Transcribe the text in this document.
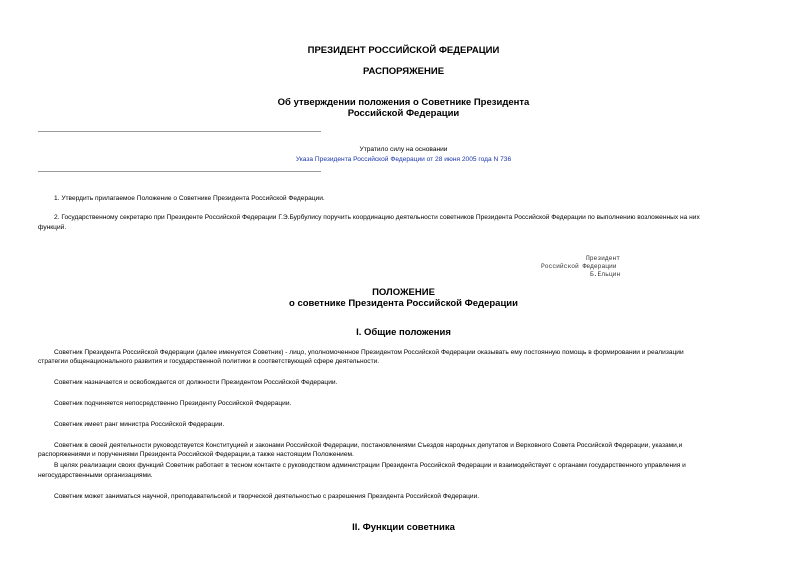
ПРЕЗИДЕНТ РОССИЙСКОЙ ФЕДЕРАЦИИ
РАСПОРЯЖЕНИЕ
Об утверждении положения о Советнике Президента
Российской Федерации
Утратило силу на основании
Указа Президента Российской Федерации от 28 июня 2005 года N 736

1. Утвердить прилагаемое Положение о Советнике Президента Российской Федерации.

2. Государственному секретарю при Президенте Российской Федерации Г.Э.Бурбулису поручить координацию деятельности советников Президента Российской Федерации по выполнению возложенных на них

функций.

Президент
Российской Федерации
Б.Ельцин
ПОЛОЖЕНИЕ
о советнике Президента Российской Федерации
I. Общие положения

Советник Президента Российской Федерации (далее именуется Советник) - лицо, уполномоченное Президентом Российской Федерации оказывать ему постоянную помощь в формировании и реализации

стратегии общенационального развития и государственной политики в соответствующей сфере деятельности.

Советник назначается и освобождается от должности Президентом Российской Федерации.

Советник подчиняется непосредственно Президенту Российской Федерации.

Советник имеет ранг министра Российской Федерации.

Советник в своей деятельности руководствуется Конституцией и законами Российской Федерации, постановлениями Съездов народных депутатов и Верховного Совета Российской Федерации, указами,и

распоряжениями и поручениями Президента Российской Федерации,а также настоящим Положением.

В целях реализации своих функций Советник работает в тесном контакте с руководством администрации Президента Российской Федерации и взаимодействует с органами государственного управления и

негосударственными организациями.

Советник может заниматься научной, преподавательской и творческой деятельностью с разрешения Президента Российской Федерации.

II. Функции советника
